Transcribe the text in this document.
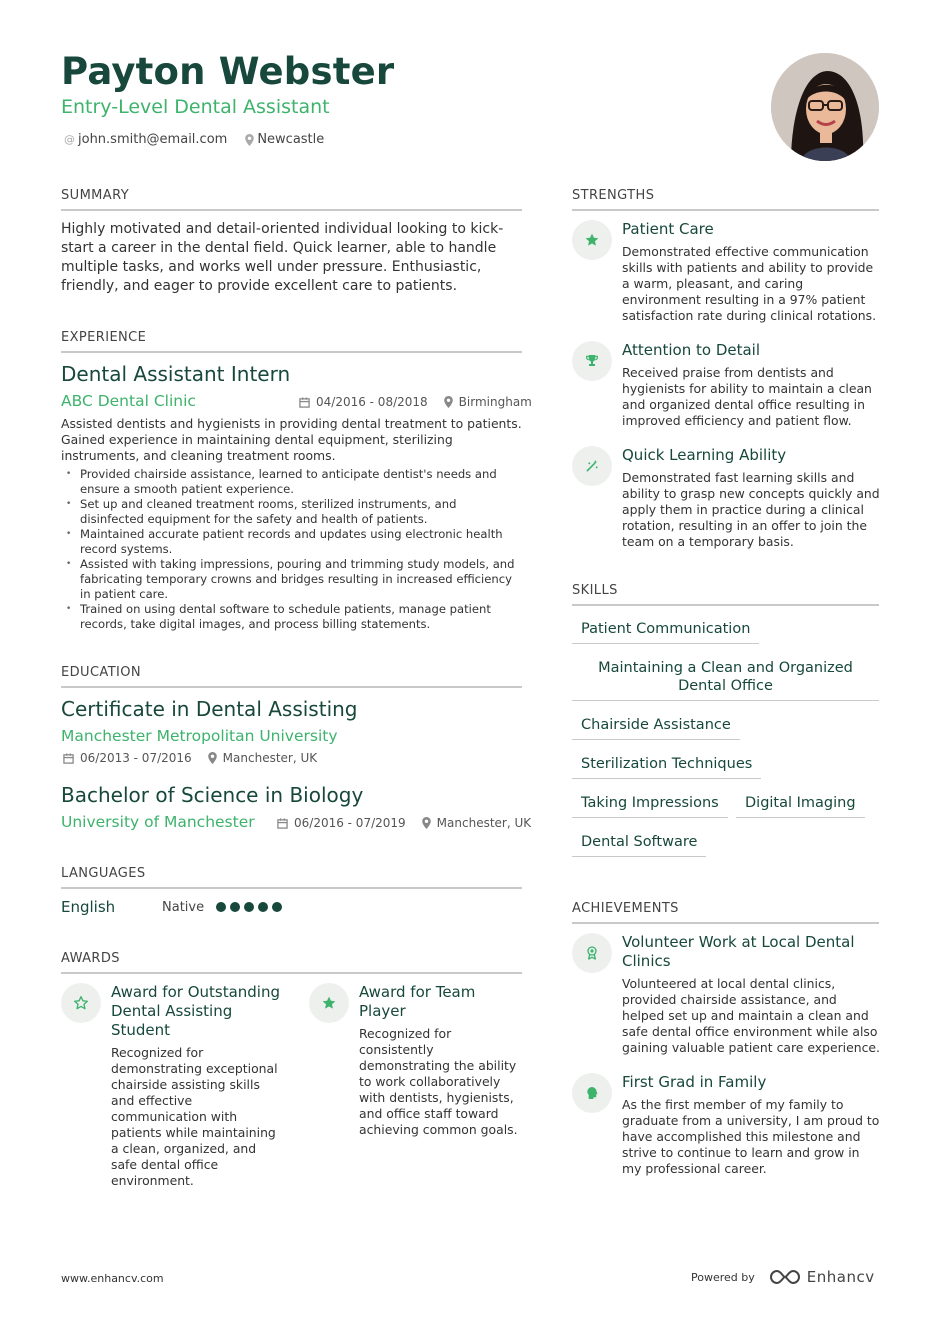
Payton Webster
Entry-Level Dental Assistant
@ john.smith@email.com Newcastle
SUMMARY
Highly motivated and detail-oriented individual looking to kick-start a career in the dental field. Quick learner, able to handle multiple tasks, and works well under pressure. Enthusiastic, friendly, and eager to provide excellent care to patients.
EXPERIENCE
Dental Assistant Intern
ABC Dental Clinic	04/2016 - 08/2018	Birmingham
Assisted dentists and hygienists in providing dental treatment to patients. Gained experience in maintaining dental equipment, sterilizing instruments, and cleaning treatment rooms.
• Provided chairside assistance, learned to anticipate dentist's needs and ensure a smooth patient experience.
• Set up and cleaned treatment rooms, sterilized instruments, and disinfected equipment for the safety and health of patients.
• Maintained accurate patient records and updates using electronic health record systems.
• Assisted with taking impressions, pouring and trimming study models, and fabricating temporary crowns and bridges resulting in increased efficiency in patient care.
• Trained on using dental software to schedule patients, manage patient records, take digital images, and process billing statements.
EDUCATION
Certificate in Dental Assisting
Manchester Metropolitan University
06/2013 - 07/2016	Manchester, UK
Bachelor of Science in Biology
University of Manchester	06/2016 - 07/2019	Manchester, UK
LANGUAGES
English	Native
AWARDS
Award for Outstanding Dental Assisting Student
Recognized for demonstrating exceptional chairside assisting skills and effective communication with patients while maintaining a clean, organized, and safe dental office environment.
Award for Team Player
Recognized for consistently demonstrating the ability to work collaboratively with dentists, hygienists, and office staff toward achieving common goals.
STRENGTHS
Patient Care
Demonstrated effective communication skills with patients and ability to provide a warm, pleasant, and caring environment resulting in a 97% patient satisfaction rate during clinical rotations.
Attention to Detail
Received praise from dentists and hygienists for ability to maintain a clean and organized dental office resulting in improved efficiency and patient flow.
Quick Learning Ability
Demonstrated fast learning skills and ability to grasp new concepts quickly and apply them in practice during a clinical rotation, resulting in an offer to join the team on a temporary basis.
SKILLS
Patient Communication
Maintaining a Clean and Organized Dental Office
Chairside Assistance
Sterilization Techniques
Taking Impressions	Digital Imaging
Dental Software
ACHIEVEMENTS
Volunteer Work at Local Dental Clinics
Volunteered at local dental clinics, provided chairside assistance, and helped set up and maintain a clean and safe dental office environment while also gaining valuable patient care experience.
First Grad in Family
As the first member of my family to graduate from a university, I am proud to have accomplished this milestone and strive to continue to learn and grow in my professional career.
www.enhancv.com	Powered by	Enhancv
